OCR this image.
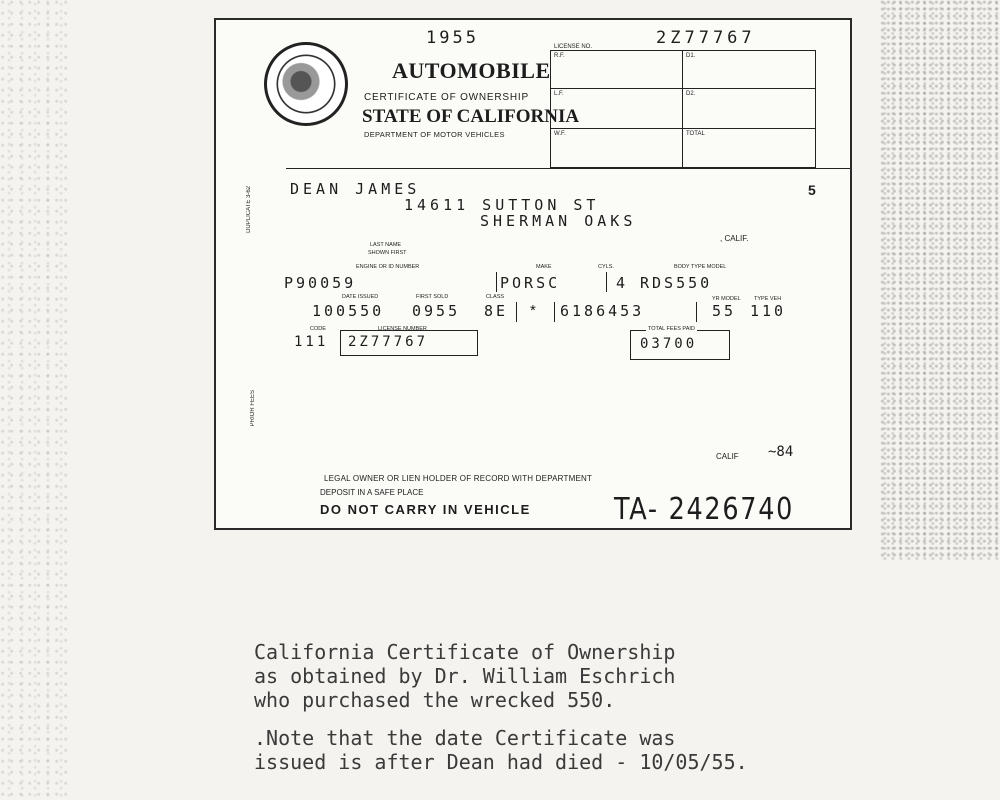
1955	2Z77767
LICENSE NO.
AUTOMOBILE
CERTIFICATE OF OWNERSHIP
STATE OF CALIFORNIA
DEPARTMENT OF MOTOR VEHICLES
R.F.	D1.
L.F.	D2.
W.F.	TOTAL
DUPLICATE 3-62	DEAN JAMES
14611 SUTTON ST
SHERMAN OAKS
5
, CALIF.
LAST NAME
SHOWN FIRST
ENGINE OR ID NUMBER	MAKE	CYLS.	BODY TYPE MODEL
P90059	PORSC	4 RDS550
DATE ISSUED	FIRST SOLD	CLASS	YR MODEL TYPE VEH
100550 0955 8E * 6186453	55 110
CODE	LICENSE NUMBER
111 2Z77767
TOTAL FEES PAID
03700
PRIOR FEES
CALIF ~84
LEGAL OWNER OR LIEN HOLDER OF RECORD WITH DEPARTMENT
DEPOSIT IN A SAFE PLACE
DO NOT CARRY IN VEHICLE	TA- 2426740

California Certificate of Ownership

as obtained by Dr. William Eschrich

who purchased the wrecked 550.

.Note that the date Certificate was

issued is after Dean had died - 10/05/55.
